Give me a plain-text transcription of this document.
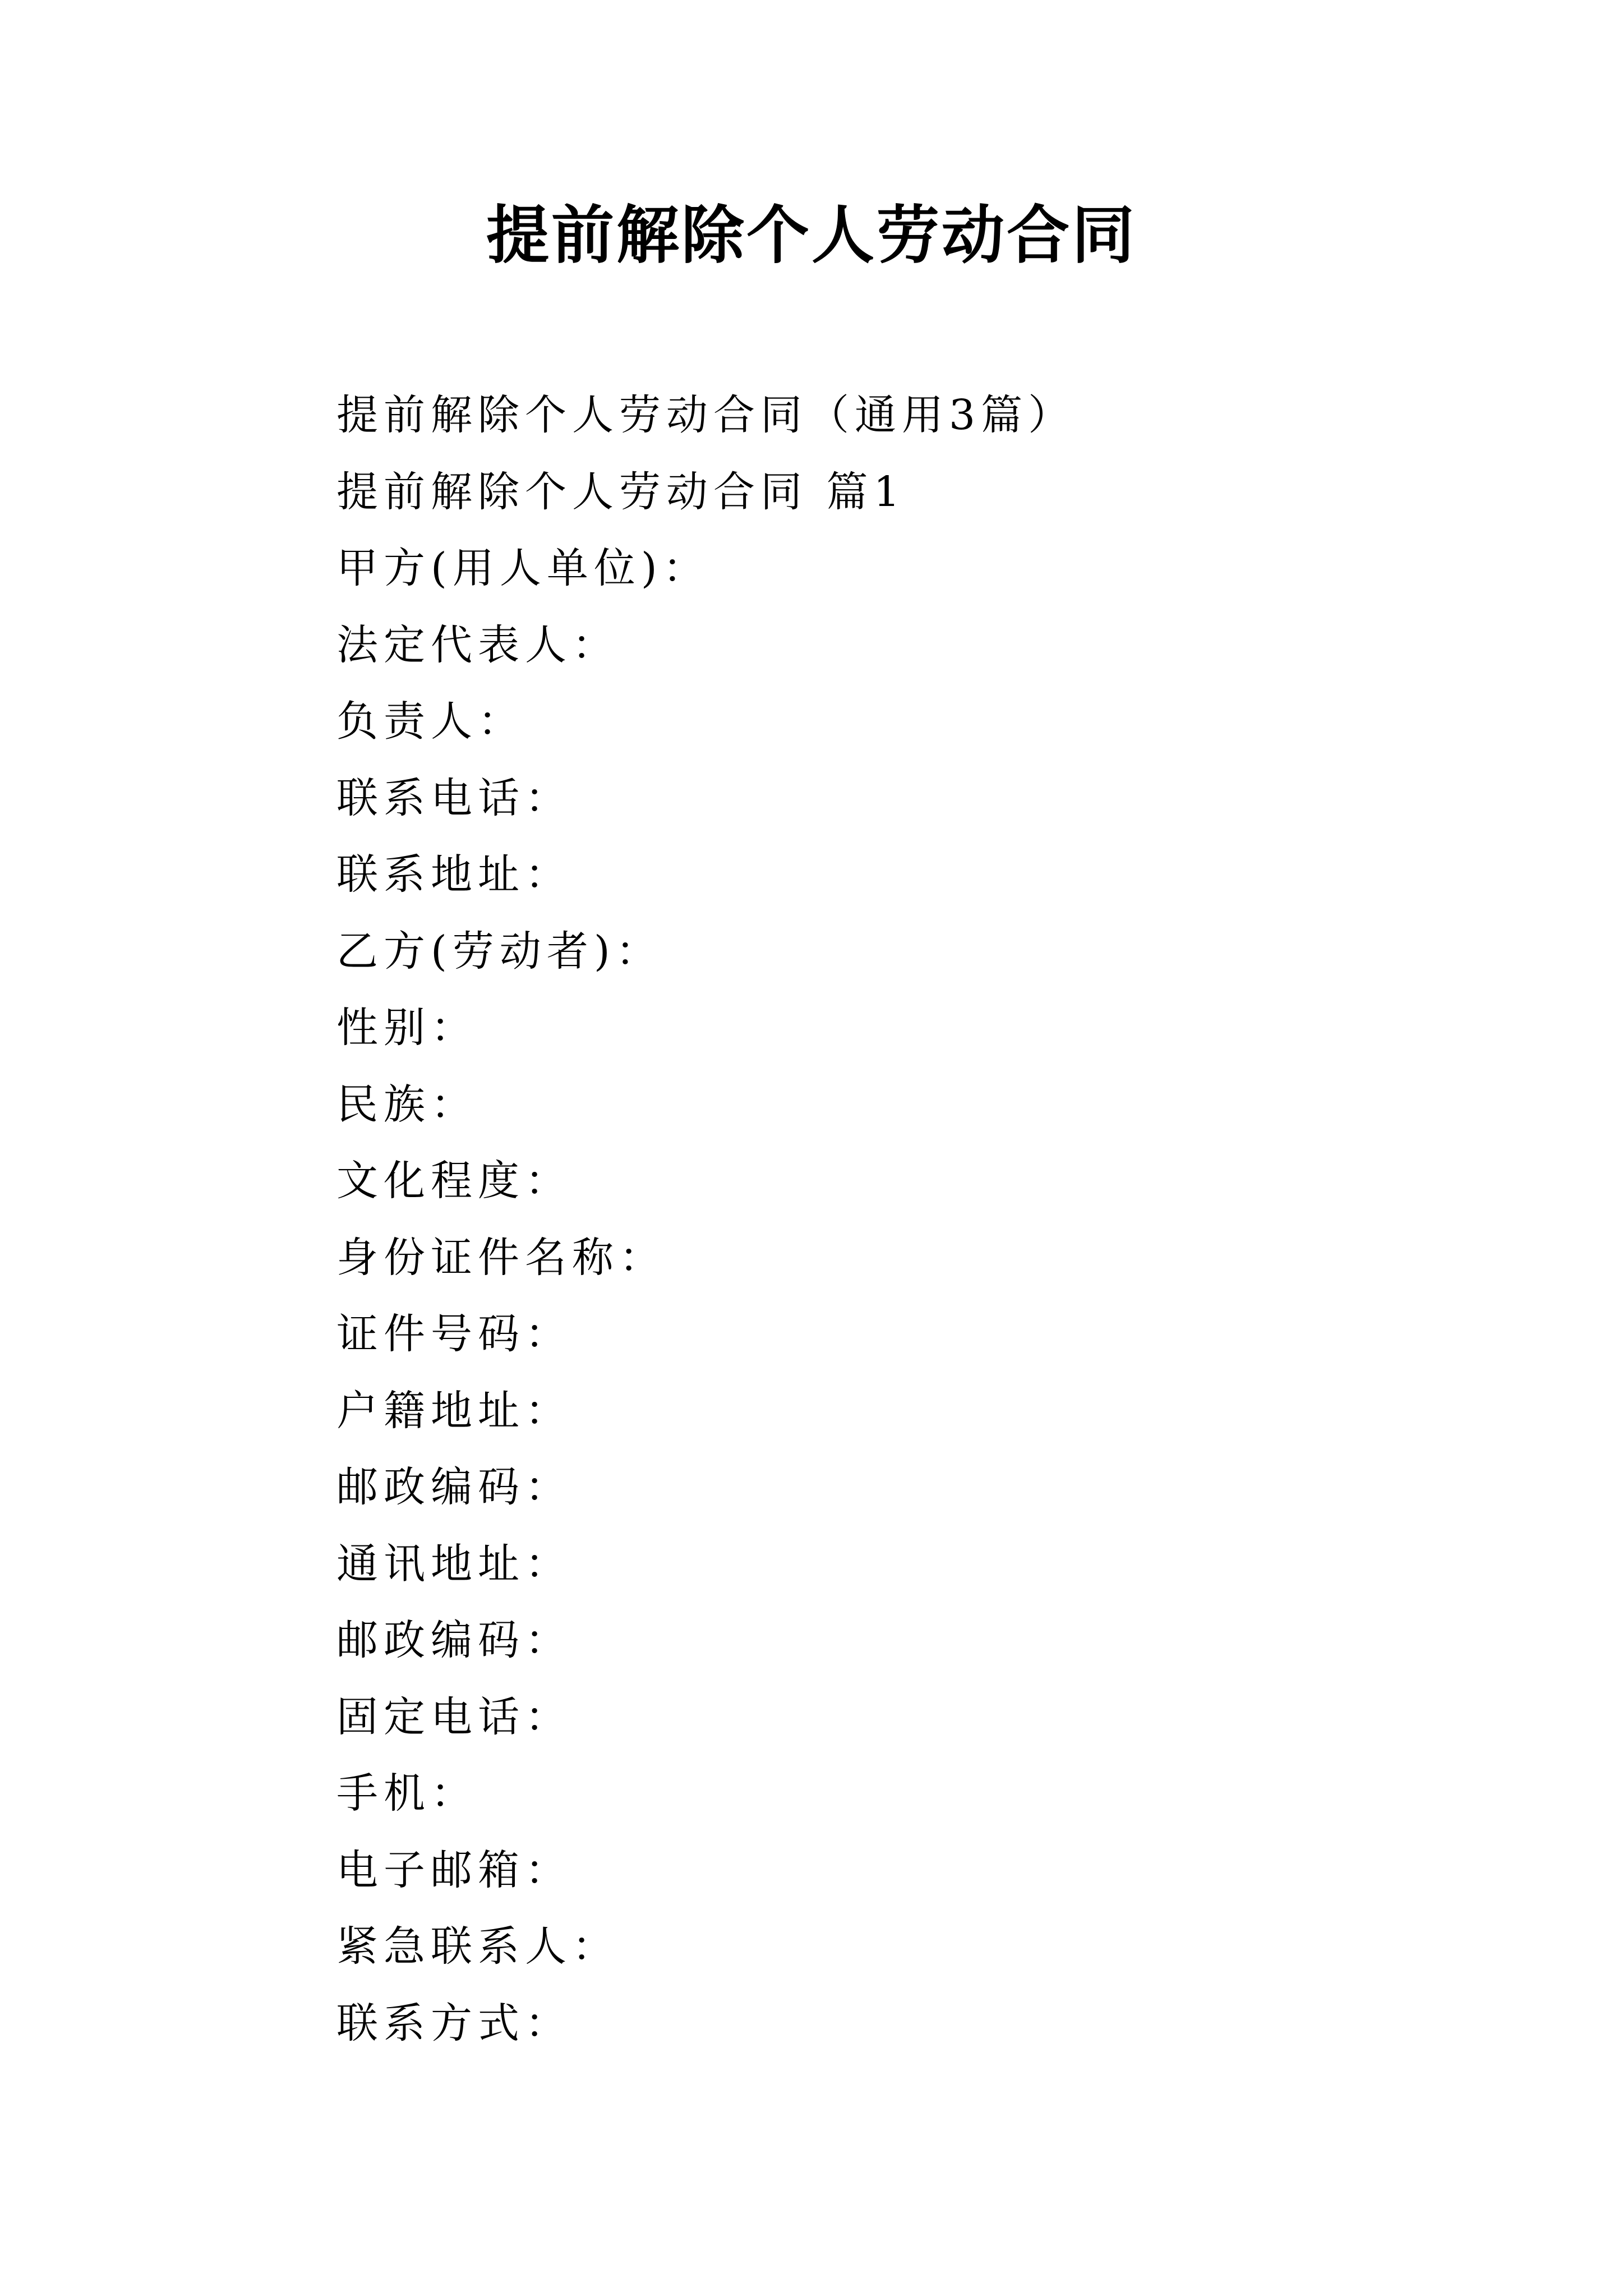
提前解除个人劳动合同
提前解除个人劳动合同（通用3篇）
提前解除个人劳动合同 篇1
甲方(用人单位)：
法定代表人：
负责人：
联系电话：
联系地址：
乙方(劳动者)：
性别：
民族：
文化程度：
身份证件名称：
证件号码：
户籍地址：
邮政编码：
通讯地址：
邮政编码：
固定电话：
手机：
电子邮箱：
紧急联系人：
联系方式：
